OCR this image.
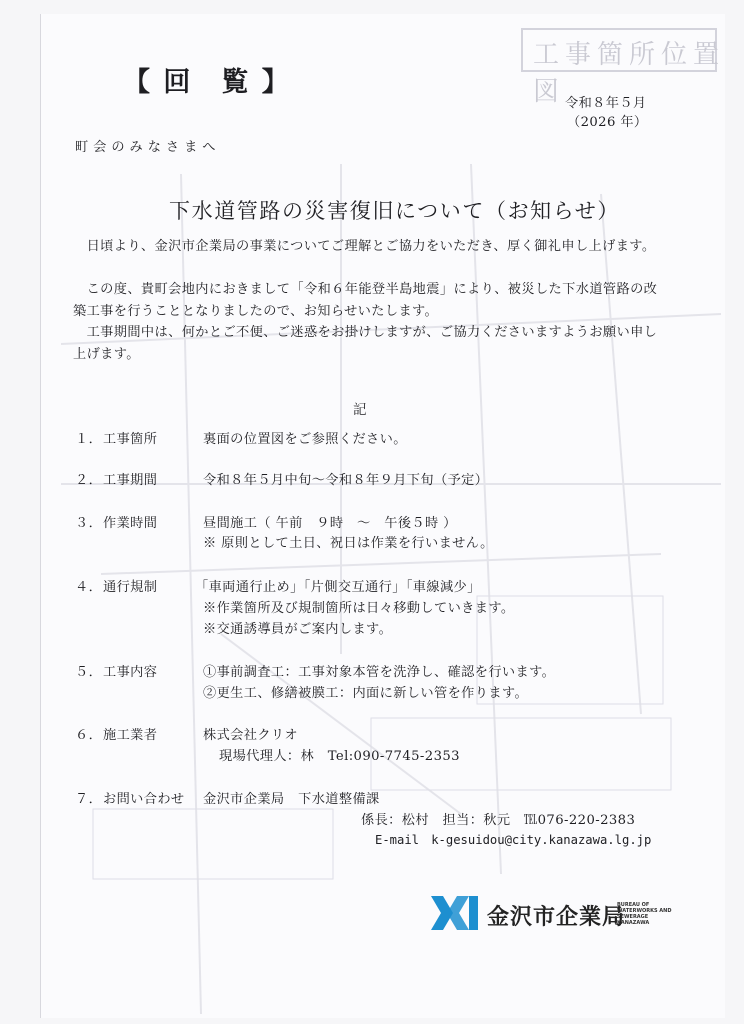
工事箇所位置図
【 回　覧 】
令和８年５月
（2026 年）
町 会 の み な さ ま へ
下水道管路の災害復旧について（お知らせ）
　日頃より、金沢市企業局の事業についてご理解とご協力をいただき、厚く御礼申し上げます。
　この度、貴町会地内におきまして「令和６年能登半島地震」により、被災した下水道管路の改築工事を行うこととなりましたので、お知らせいたします。
　工事期間中は、何かとご不便、ご迷惑をお掛けしますが、ご協力くださいますようお願い申し上げます。
記
１． 工事箇所	裏面の位置図をご参照ください。
２． 工事期間	令和８年５月中旬～令和８年９月下旬（予定）
３． 作業時間	昼間施工（ 午前　９時　～　午後５時 ）
※ 原則として土日、祝日は作業を行いません。
４． 通行規制	「車両通行止め」「片側交互通行」「車線減少」
※作業箇所及び規制箇所は日々移動していきます。
※交通誘導員がご案内します。
５． 工事内容	①事前調査工：工事対象本管を洗浄し、確認を行います。
②更生工、修繕被膜工：内面に新しい管を作ります。
６． 施工業者	株式会社クリオ
現場代理人：林　Tel:090-7745-2353
７． お問い合わせ 金沢市企業局　下水道整備課
係長：松村　担当：秋元　℡076-220-2383
E-mail　k-gesuidou@city.kanazawa.lg.jp
金沢市企業局
BUREAU OF WATERWORKS AND SEWERAGE KANAZAWA
